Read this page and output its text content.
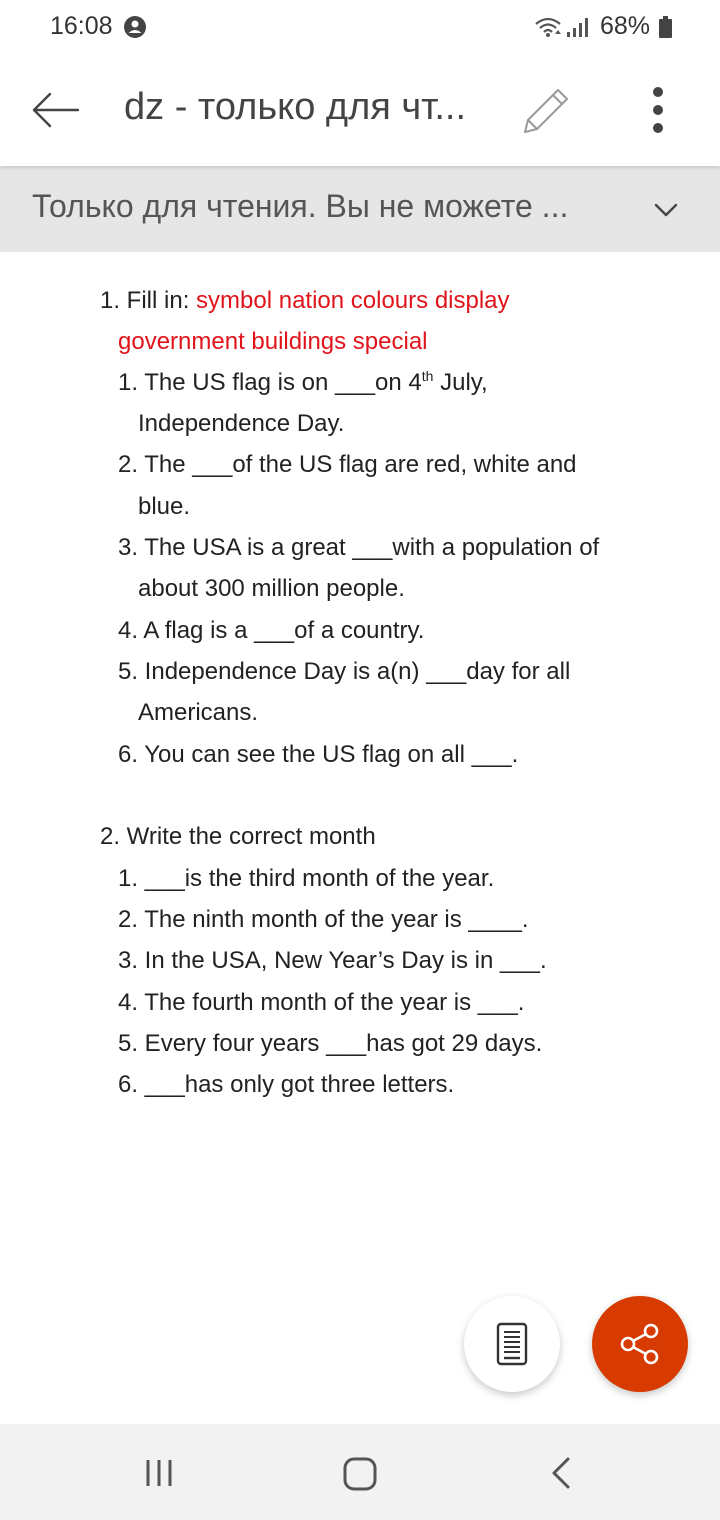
16:08	68%
dz - только для чт...
Только для чтения. Вы не можете ...
1. Fill in: symbol nation colours display
government buildings special
1. The US flag is on ___on 4th July,
Independence Day.
2. The ___of the US flag are red, white and
blue.
3. The USA is a great ___with a population of
about 300 million people.
4. A flag is a ___of a country.
5. Independence Day is a(n) ___day for all
Americans.
6. You can see the US flag on all ___.
2. Write the correct month
1. ___is the third month of the year.
2. The ninth month of the year is ____.
3. In the USA, New Year’s Day is in ___.
4. The fourth month of the year is ___.
5. Every four years ___has got 29 days.
6. ___has only got three letters.
